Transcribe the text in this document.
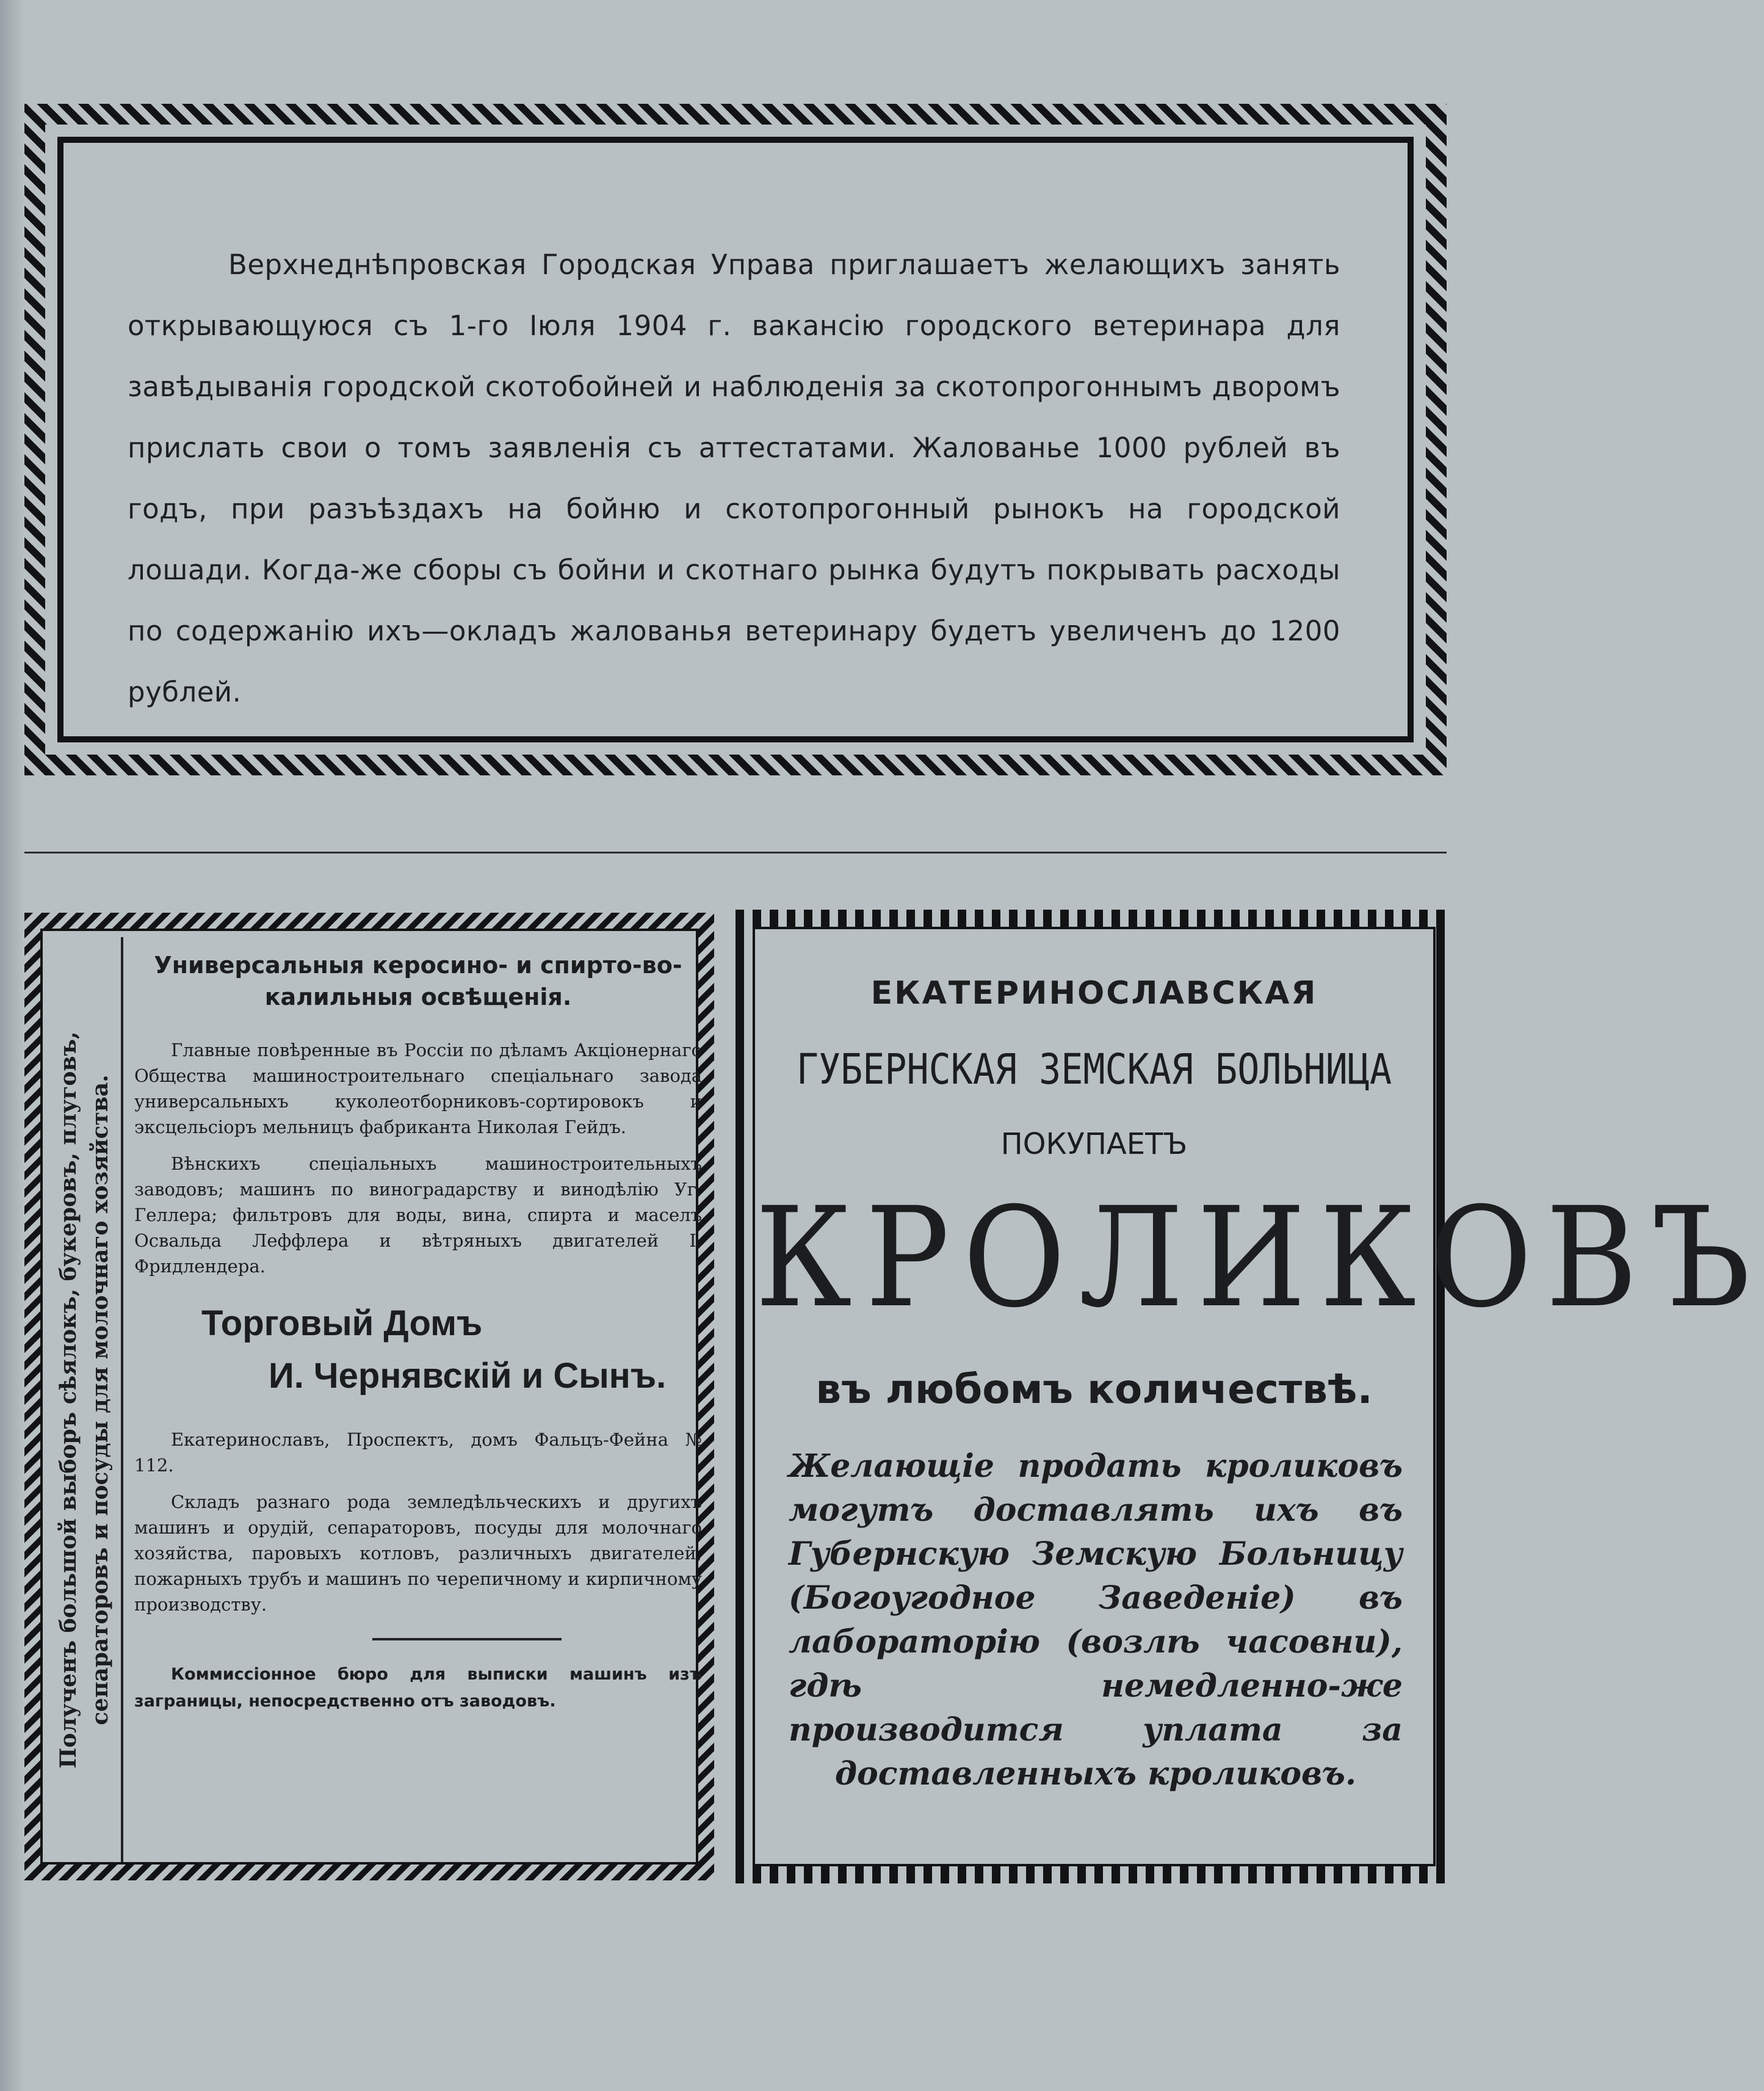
Верхнеднѣпровская Городская Управа приглашаетъ желающихъ занять открывающуюся съ 1-го Іюля 1904 г. вакансію городского ветеринара для завѣдыванія городской скотобойней и наблюденія за скотопрогоннымъ дворомъ прислать свои о томъ заявленія съ аттестатами. Жалованье 1000 рублей въ годъ, при разъѣздахъ на бойню и скотопрогонный рынокъ на городской лошади. Когда-же сборы съ бойни и скотнаго рынка будутъ покрывать расходы по содержанію ихъ—окладъ жалованья ветеринару будетъ увеличенъ до 1200 рублей.

Полученъ большой выборъ сѣялокъ, букеровъ, плуговъ, сепараторовъ и посуды для молочнаго хозяйства.

Универсальныя керосино- и спирто-во-калильныя освѣщенія.

Главные повѣренные въ Россіи по дѣламъ Акціонернаго Общества машиностроительнаго спеціальнаго завода универсальныхъ куколеотборниковъ-сортировокъ и эксцельсіоръ мельницъ фабриканта Николая Гейдъ.

Вѣнскихъ спеціальныхъ машиностроительныхъ заводовъ; машинъ по виноградарству и винодѣлію Уг. Геллера; фильтровъ для воды, вина, спирта и маселъ Освальда Леффлера и вѣтряныхъ двигателей І. Фридлендера.

Торговый Домъ
И. Чернявскій и Сынъ.

Екатеринославъ, Проспектъ, домъ Фальцъ-Фейна № 112.

Складъ разнаго рода земледѣльческихъ и другихъ машинъ и орудій, сепараторовъ, посуды для молочнаго хозяйства, паровыхъ котловъ, различныхъ двигателей, пожарныхъ трубъ и машинъ по черепичному и кирпичному производству.

Коммиссіонное бюро для выписки машинъ изъ заграницы, непосредственно отъ заводовъ.

ЕКАТЕРИНОСЛАВСКАЯ

ГУБЕРНСКАЯ ЗЕМСКАЯ БОЛЬНИЦА

ПОКУПАЕТЪ

КРОЛИКОВЪ

въ любомъ количествѣ.

Желающіе продать кроликовъ могутъ доставлять ихъ въ Губернскую Земскую Больницу (Богоугодное Заведеніе) въ лабораторію (возлѣ часовни), гдѣ немедленно-же производится уплата за доставленныхъ кроликовъ.
